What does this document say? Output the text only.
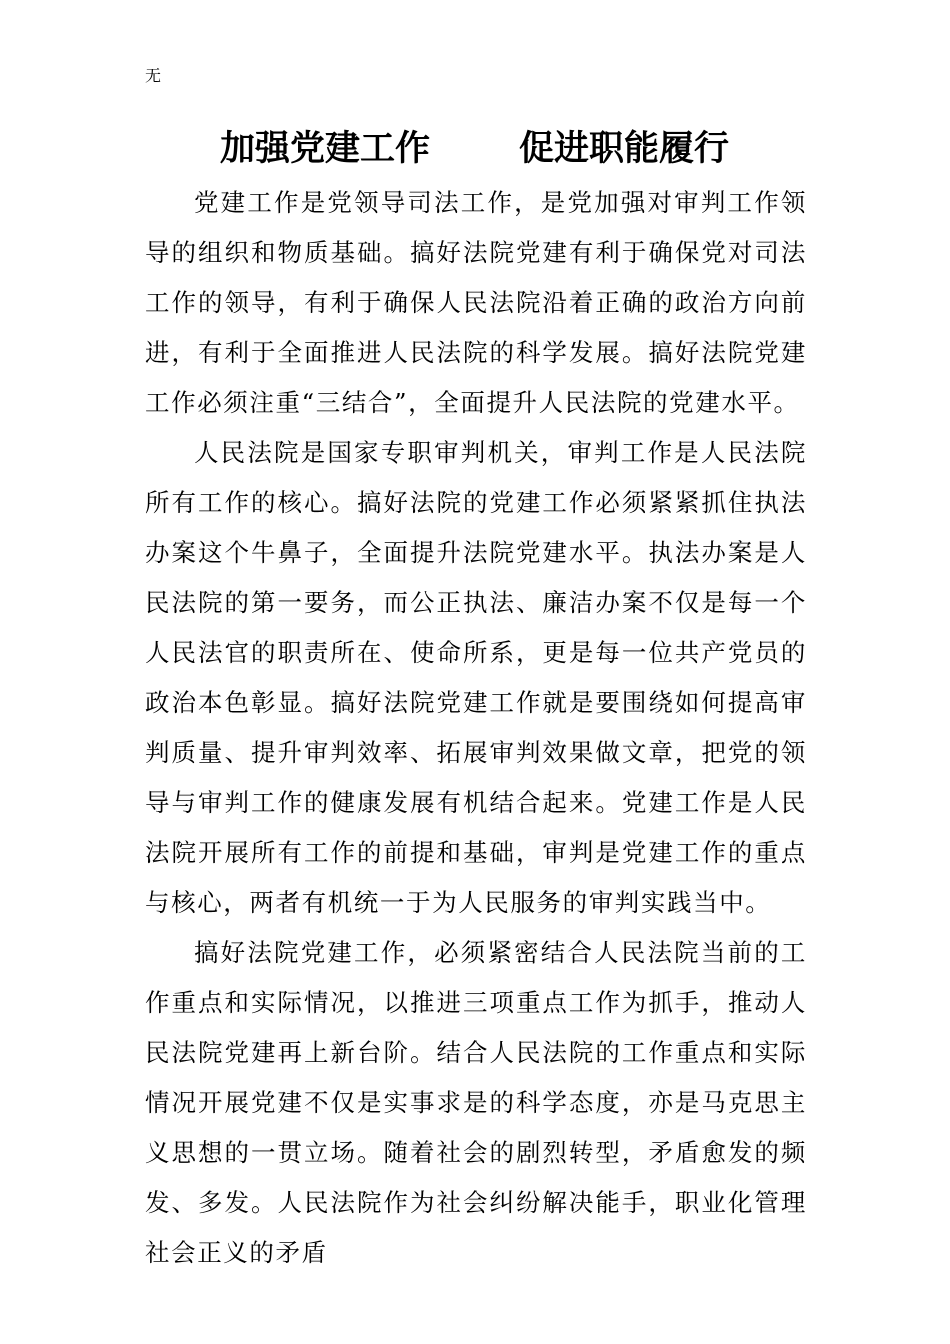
无
加强党建工作	促进职能履行

党建工作是党领导司法工作，是党加强对审判工作领导的组织和物质基础。搞好法院党建有利于确保党对司法工作的领导，有利于确保人民法院沿着正确的政治方向前进，有利于全面推进人民法院的科学发展。搞好法院党建工作必须注重“三结合”，全面提升人民法院的党建水平。

人民法院是国家专职审判机关，审判工作是人民法院所有工作的核心。搞好法院的党建工作必须紧紧抓住执法办案这个牛鼻子，全面提升法院党建水平。执法办案是人民法院的第一要务，而公正执法、廉洁办案不仅是每一个人民法官的职责所在、使命所系，更是每一位共产党员的政治本色彰显。搞好法院党建工作就是要围绕如何提高审判质量、提升审判效率、拓展审判效果做文章，把党的领导与审判工作的健康发展有机结合起来。党建工作是人民法院开展所有工作的前提和基础，审判是党建工作的重点与核心，两者有机统一于为人民服务的审判实践当中。

搞好法院党建工作，必须紧密结合人民法院当前的工作重点和实际情况，以推进三项重点工作为抓手，推动人民法院党建再上新台阶。结合人民法院的工作重点和实际情况开展党建不仅是实事求是的科学态度，亦是马克思主义思想的一贯立场。随着社会的剧烈转型，矛盾愈发的频发、多发。人民法院作为社会纠纷解决能手，职业化管理社会正义的矛盾
